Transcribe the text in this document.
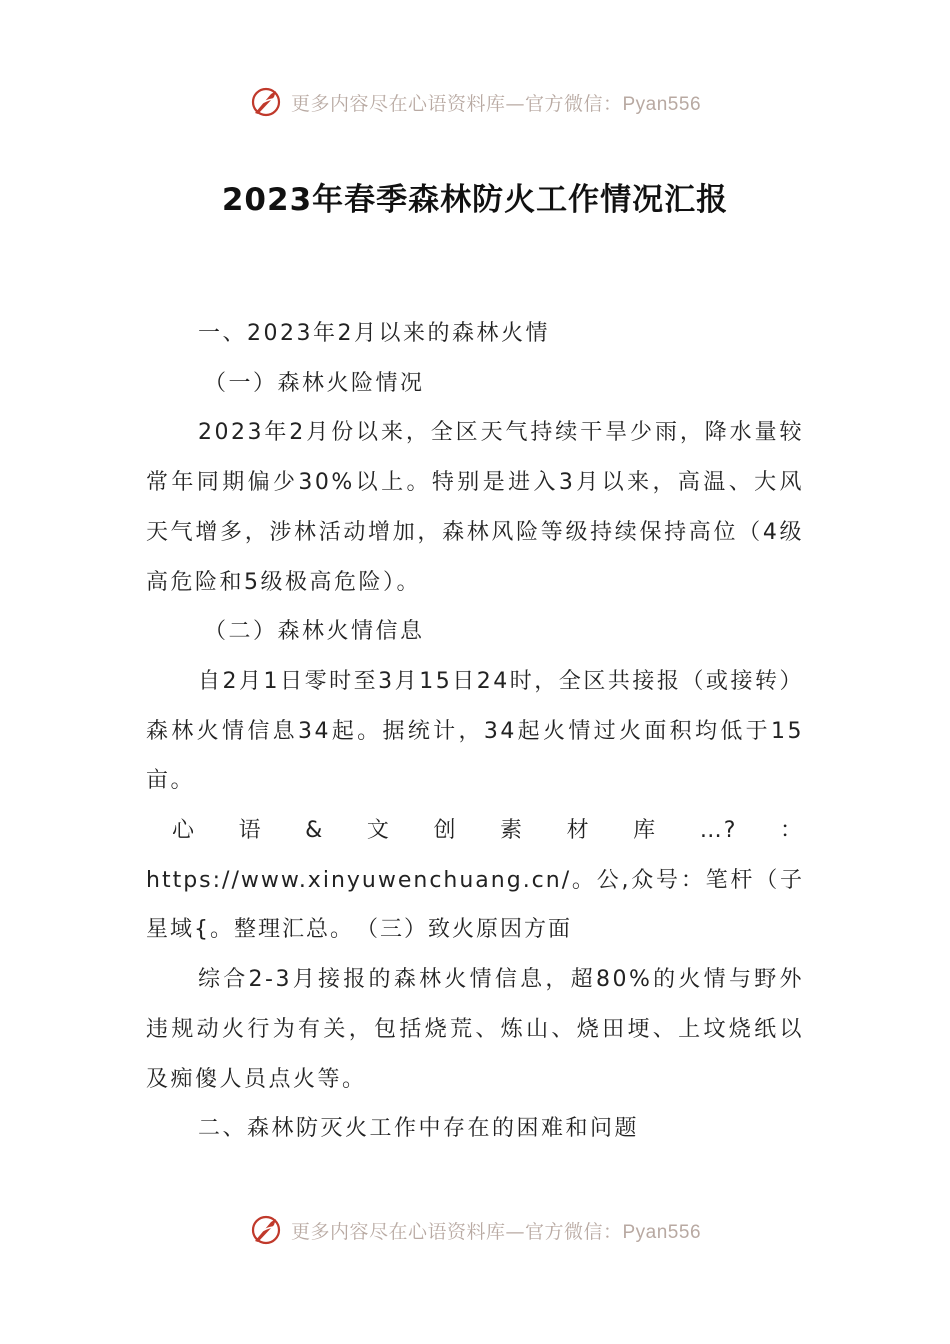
更多内容尽在心语资料库—官方微信：Pyan556
2023年春季森林防火工作情况汇报

一、2023年2月以来的森林火情

（一）森林火险情况

2023年2月份以来，全区天气持续干旱少雨，降水量较常年同期偏少30%以上。特别是进入3月以来，高温、大风天气增多，涉林活动增加，森林风险等级持续保持高位（4级高危险和5级极高危险）。

（二）森林火情信息

自2月1日零时至3月15日24时，全区共接报（或接转）森林火情信息34起。据统计，34起火情过火面积均低于15亩。

心语&文创素材库…?：https://www.xinyuwenchuang.cn/。公,众号：笔杆（子星域{。整理汇总。　（三）致火原因方面

综合2-3月接报的森林火情信息，超80%的火情与野外违规动火行为有关，包括烧荒、炼山、烧田埂、上坟烧纸以及痴傻人员点火等。

二、森林防灭火工作中存在的困难和问题

更多内容尽在心语资料库—官方微信：Pyan556
